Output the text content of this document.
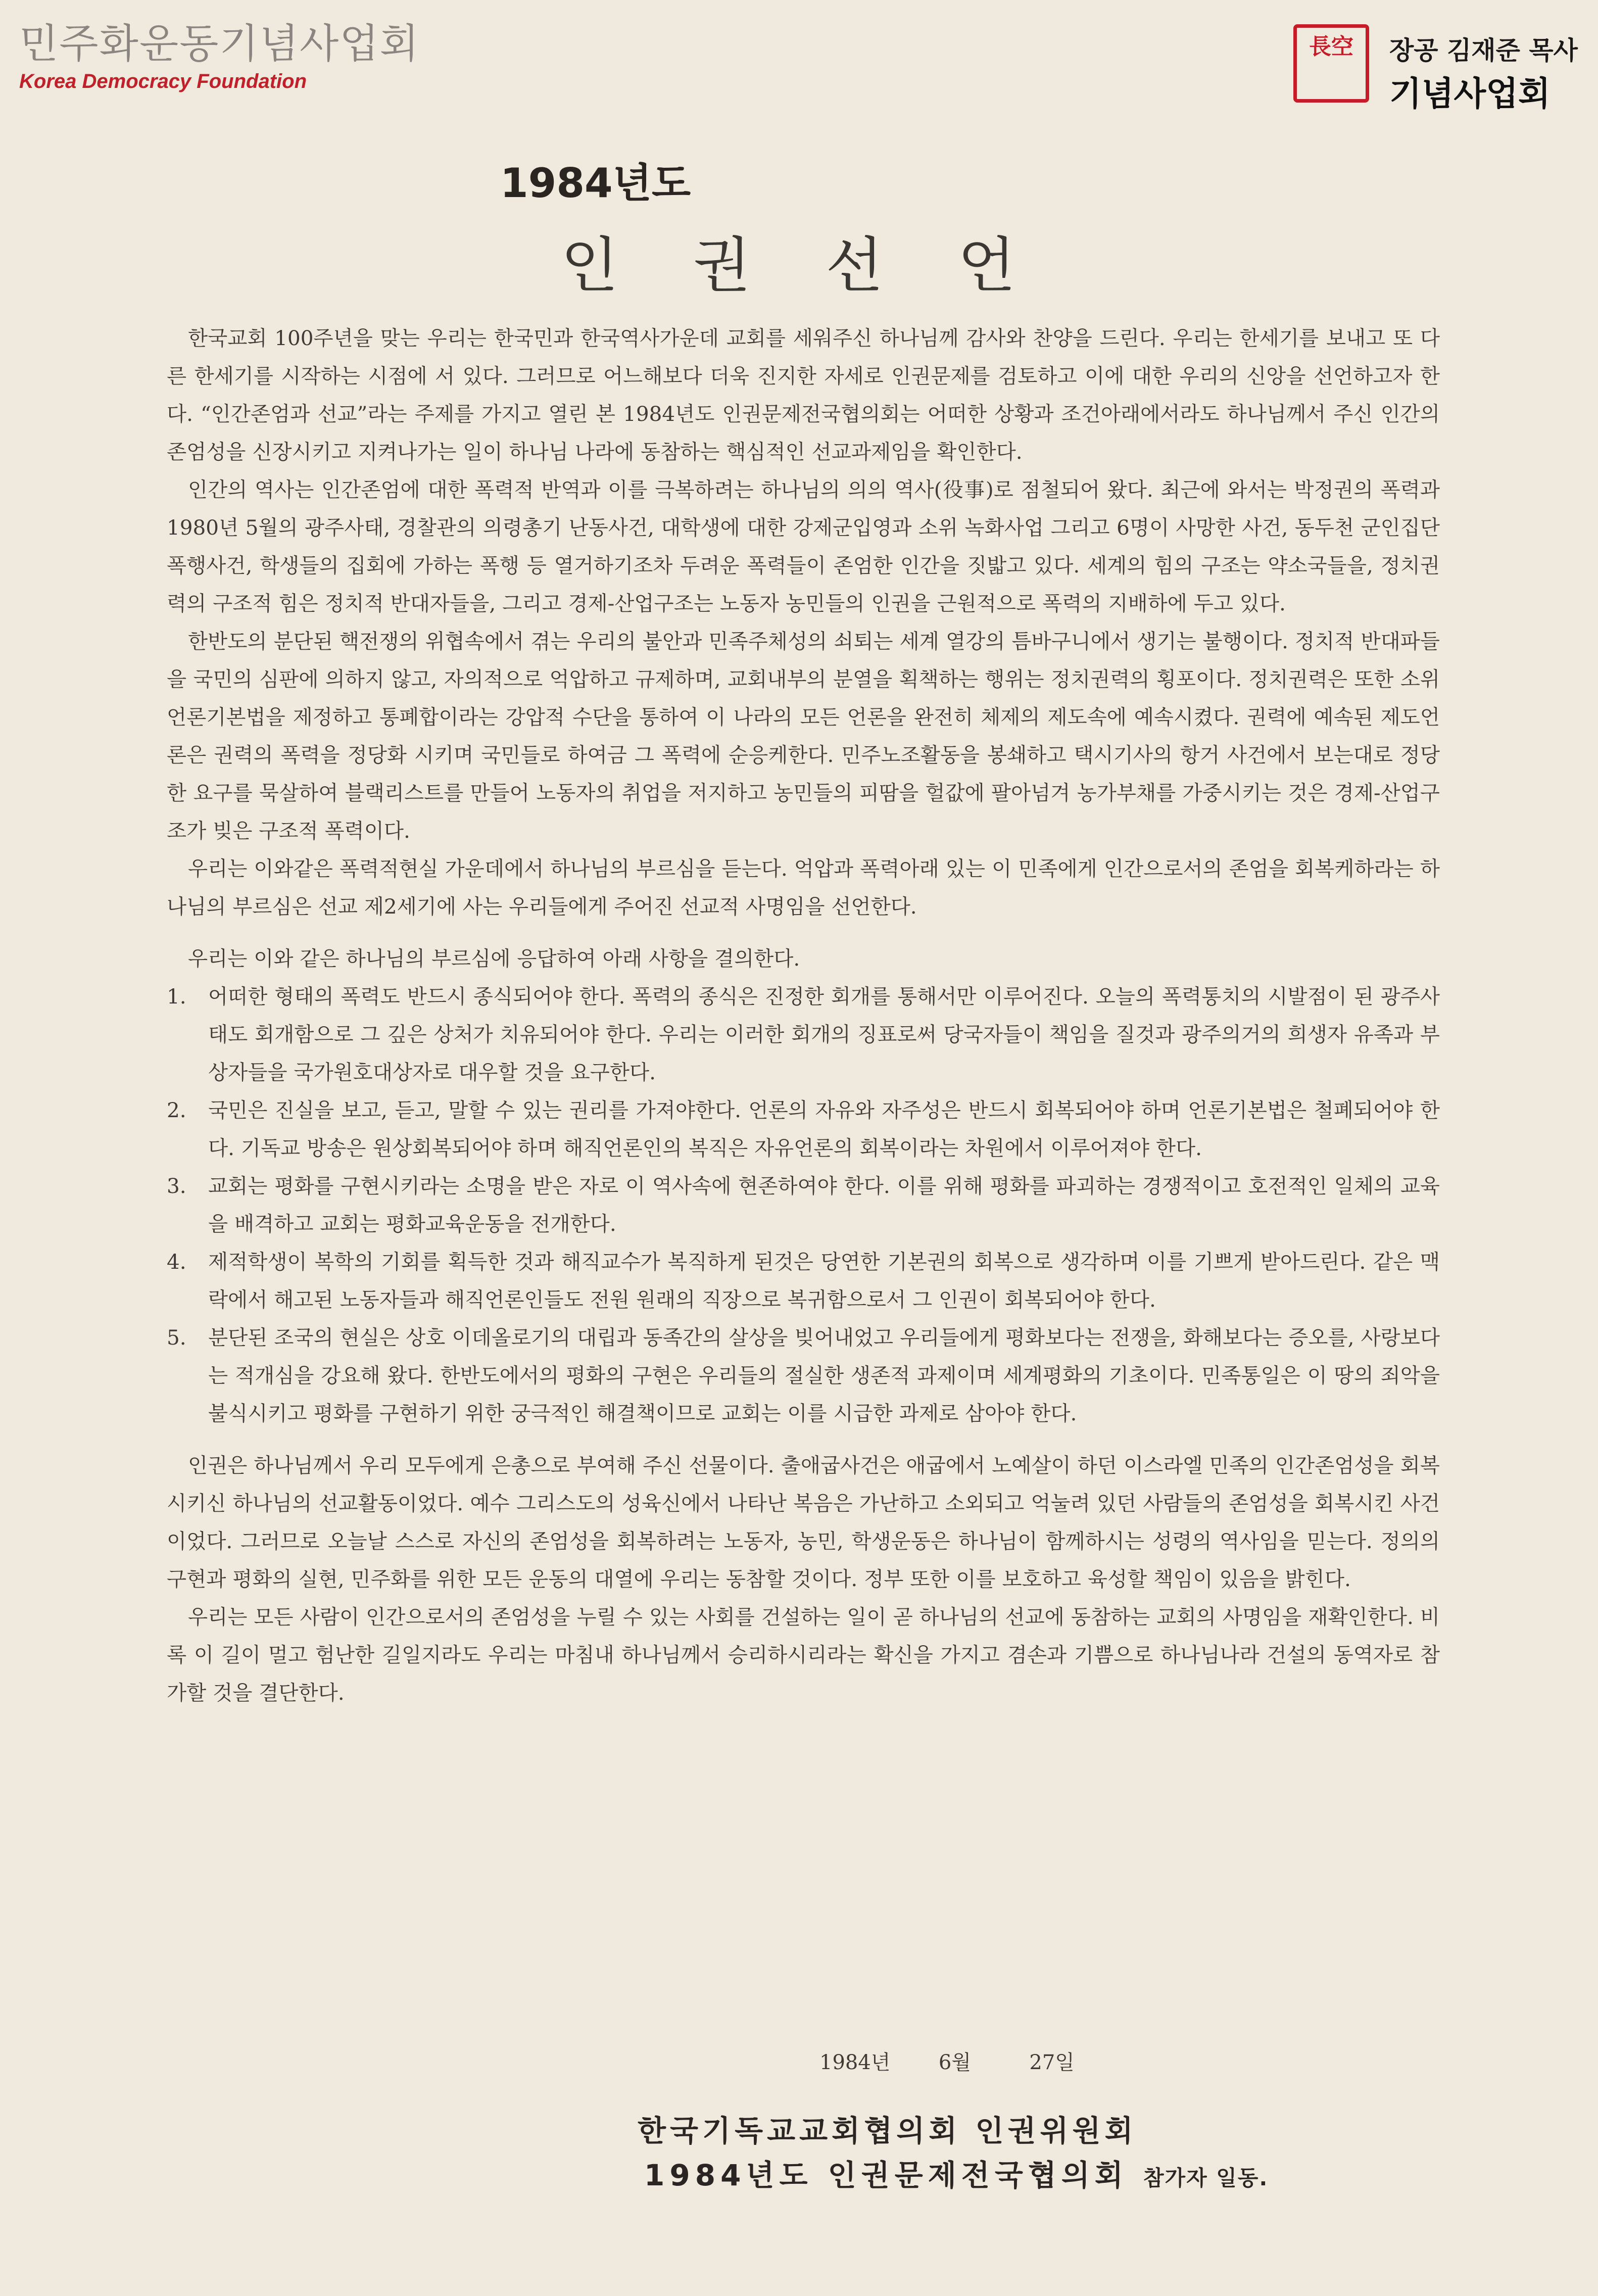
민주화운동기념사업회
Korea Democracy Foundation
長空	장공 김재준 목사
기념사업회
1984년도
인권선언

한국교회 100주년을 맞는 우리는 한국민과 한국역사가운데 교회를 세워주신 하나님께 감사와 찬양을 드린다. 우리는 한세기를 보내고 또 다른 한세기를 시작하는 시점에 서 있다. 그러므로 어느해보다 더욱 진지한 자세로 인권문제를 검토하고 이에 대한 우리의 신앙을 선언하고자 한다. “인간존엄과 선교”라는 주제를 가지고 열린 본 1984년도 인권문제전국협의회는 어떠한 상황과 조건아래에서라도 하나님께서 주신 인간의 존엄성을 신장시키고 지켜나가는 일이 하나님 나라에 동참하는 핵심적인 선교과제임을 확인한다.

인간의 역사는 인간존엄에 대한 폭력적 반역과 이를 극복하려는 하나님의 의의 역사(役事)로 점철되어 왔다. 최근에 와서는 박정권의 폭력과 1980년 5월의 광주사태, 경찰관의 의령총기 난동사건, 대학생에 대한 강제군입영과 소위 녹화사업 그리고 6명이 사망한 사건, 동두천 군인집단폭행사건, 학생들의 집회에 가하는 폭행 등 열거하기조차 두려운 폭력들이 존엄한 인간을 짓밟고 있다. 세계의 힘의 구조는 약소국들을, 정치권력의 구조적 힘은 정치적 반대자들을, 그리고 경제-산업구조는 노동자 농민들의 인권을 근원적으로 폭력의 지배하에 두고 있다.

한반도의 분단된 핵전쟁의 위협속에서 겪는 우리의 불안과 민족주체성의 쇠퇴는 세계 열강의 틈바구니에서 생기는 불행이다. 정치적 반대파들을 국민의 심판에 의하지 않고, 자의적으로 억압하고 규제하며, 교회내부의 분열을 획책하는 행위는 정치권력의 횡포이다. 정치권력은 또한 소위 언론기본법을 제정하고 통폐합이라는 강압적 수단을 통하여 이 나라의 모든 언론을 완전히 체제의 제도속에 예속시켰다. 권력에 예속된 제도언론은 권력의 폭력을 정당화 시키며 국민들로 하여금 그 폭력에 순응케한다. 민주노조활동을 봉쇄하고 택시기사의 항거 사건에서 보는대로 정당한 요구를 묵살하여 블랙리스트를 만들어 노동자의 취업을 저지하고 농민들의 피땀을 헐값에 팔아넘겨 농가부채를 가중시키는 것은 경제-산업구조가 빚은 구조적 폭력이다.

우리는 이와같은 폭력적현실 가운데에서 하나님의 부르심을 듣는다. 억압과 폭력아래 있는 이 민족에게 인간으로서의 존엄을 회복케하라는 하나님의 부르심은 선교 제2세기에 사는 우리들에게 주어진 선교적 사명임을 선언한다.

우리는 이와 같은 하나님의 부르심에 응답하여 아래 사항을 결의한다.

1. 어떠한 형태의 폭력도 반드시 종식되어야 한다. 폭력의 종식은 진정한 회개를 통해서만 이루어진다. 오늘의 폭력통치의 시발점이 된 광주사태도 회개함으로 그 깊은 상처가 치유되어야 한다. 우리는 이러한 회개의 징표로써 당국자들이 책임을 질것과 광주의거의 희생자 유족과 부상자들을 국가원호대상자로 대우할 것을 요구한다.
2. 국민은 진실을 보고, 듣고, 말할 수 있는 권리를 가져야한다. 언론의 자유와 자주성은 반드시 회복되어야 하며 언론기본법은 철폐되어야 한다. 기독교 방송은 원상회복되어야 하며 해직언론인의 복직은 자유언론의 회복이라는 차원에서 이루어져야 한다.
3. 교회는 평화를 구현시키라는 소명을 받은 자로 이 역사속에 현존하여야 한다. 이를 위해 평화를 파괴하는 경쟁적이고 호전적인 일체의 교육을 배격하고 교회는 평화교육운동을 전개한다.
4. 제적학생이 복학의 기회를 획득한 것과 해직교수가 복직하게 된것은 당연한 기본권의 회복으로 생각하며 이를 기쁘게 받아드린다. 같은 맥락에서 해고된 노동자들과 해직언론인들도 전원 원래의 직장으로 복귀함으로서 그 인권이 회복되어야 한다.
5. 분단된 조국의 현실은 상호 이데올로기의 대립과 동족간의 살상을 빚어내었고 우리들에게 평화보다는 전쟁을, 화해보다는 증오를, 사랑보다는 적개심을 강요해 왔다. 한반도에서의 평화의 구현은 우리들의 절실한 생존적 과제이며 세계평화의 기초이다. 민족통일은 이 땅의 죄악을 불식시키고 평화를 구현하기 위한 궁극적인 해결책이므로 교회는 이를 시급한 과제로 삼아야 한다.

인권은 하나님께서 우리 모두에게 은총으로 부여해 주신 선물이다. 출애굽사건은 애굽에서 노예살이 하던 이스라엘 민족의 인간존엄성을 회복시키신 하나님의 선교활동이었다. 예수 그리스도의 성육신에서 나타난 복음은 가난하고 소외되고 억눌려 있던 사람들의 존엄성을 회복시킨 사건이었다. 그러므로 오늘날 스스로 자신의 존엄성을 회복하려는 노동자, 농민, 학생운동은 하나님이 함께하시는 성령의 역사임을 믿는다. 정의의 구현과 평화의 실현, 민주화를 위한 모든 운동의 대열에 우리는 동참할 것이다. 정부 또한 이를 보호하고 육성할 책임이 있음을 밝힌다.

우리는 모든 사람이 인간으로서의 존엄성을 누릴 수 있는 사회를 건설하는 일이 곧 하나님의 선교에 동참하는 교회의 사명임을 재확인한다. 비록 이 길이 멀고 험난한 길일지라도 우리는 마침내 하나님께서 승리하시리라는 확신을 가지고 겸손과 기쁨으로 하나님나라 건설의 동역자로 참가할 것을 결단한다.

1984년 6월	27일
한국기독교교회협의회 인권위원회
1984년도 인권문제전국협의회 참가자 일동.
